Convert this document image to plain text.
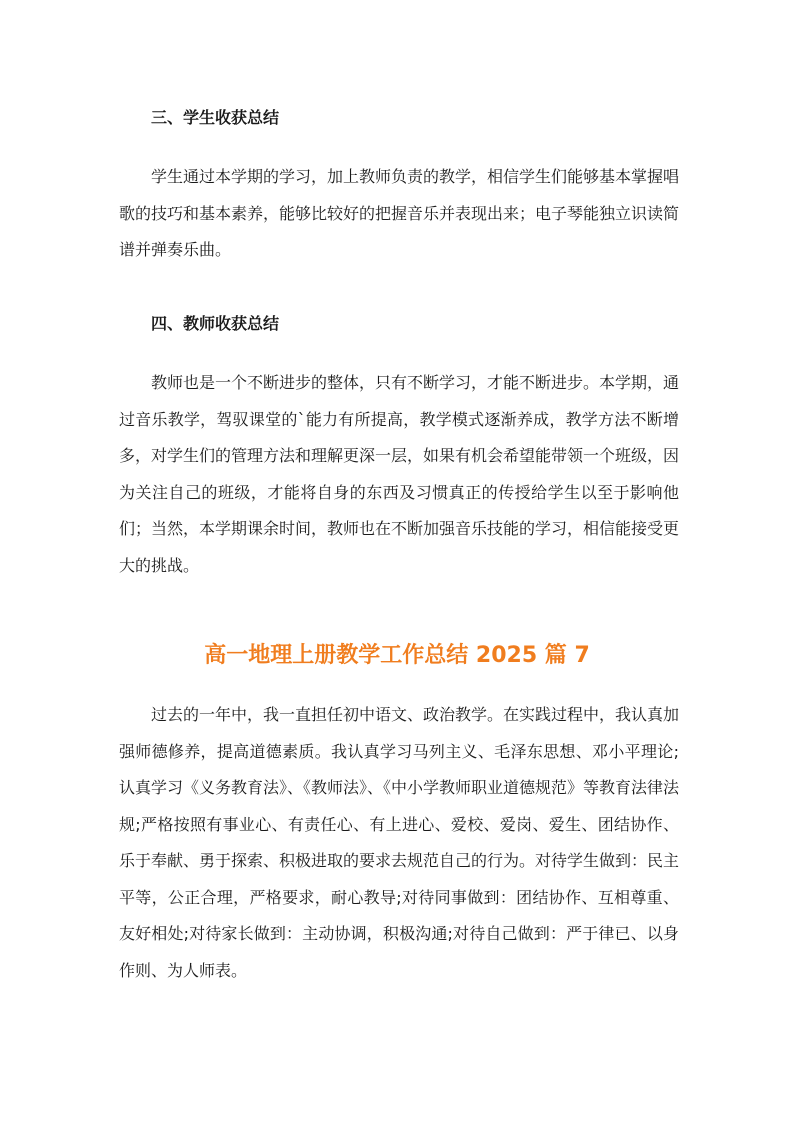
三、学生收获总结

学生通过本学期的学习，加上教师负责的教学，相信学生们能够基本掌握唱歌的技巧和基本素养，能够比较好的把握音乐并表现出来；电子琴能独立识读简谱并弹奏乐曲。

四、教师收获总结

教师也是一个不断进步的整体，只有不断学习，才能不断进步。本学期，通过音乐教学，驾驭课堂的`能力有所提高，教学模式逐渐养成，教学方法不断增多，对学生们的管理方法和理解更深一层，如果有机会希望能带领一个班级，因为关注自己的班级，才能将自身的东西及习惯真正的传授给学生以至于影响他们；当然，本学期课余时间，教师也在不断加强音乐技能的学习，相信能接受更大的挑战。

高一地理上册教学工作总结 2025 篇 7

过去的一年中，我一直担任初中语文、政治教学。在实践过程中，我认真加强师德修养，提高道德素质。我认真学习马列主义、毛泽东思想、邓小平理论;认真学习《义务教育法》、《教师法》、《中小学教师职业道德规范》等教育法律法规;严格按照有事业心、有责任心、有上进心、爱校、爱岗、爱生、团结协作、乐于奉献、勇于探索、积极进取的要求去规范自己的行为。对待学生做到：民主平等，公正合理，严格要求，耐心教导;对待同事做到：团结协作、互相尊重、友好相处;对待家长做到：主动协调，积极沟通;对待自己做到：严于律已、以身作则、为人师表。
